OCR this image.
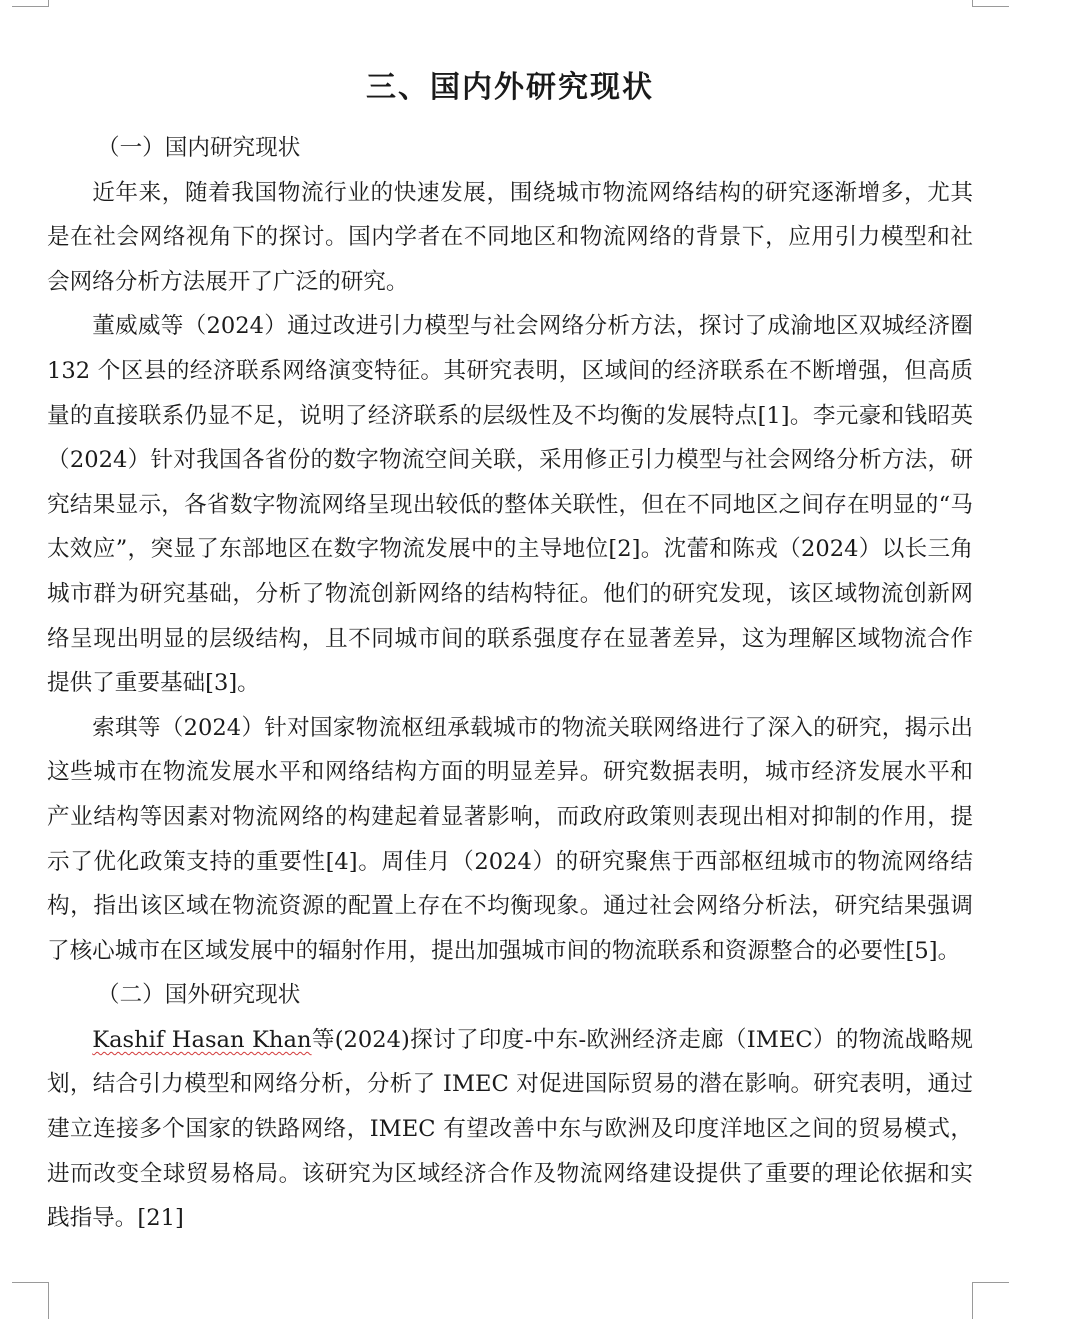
三、国内外研究现状
（一）国内研究现状

近年来，随着我国物流行业的快速发展，围绕城市物流网络结构的研究逐渐增多，尤其是在社会网络视角下的探讨。国内学者在不同地区和物流网络的背景下，应用引力模型和社会网络分析方法展开了广泛的研究。

董威威等（2024）通过改进引力模型与社会网络分析方法，探讨了成渝地区双城经济圈 132 个区县的经济联系网络演变特征。其研究表明，区域间的经济联系在不断增强，但高质量的直接联系仍显不足，说明了经济联系的层级性及不均衡的发展特点[1]。李元豪和钱昭英（2024）针对我国各省份的数字物流空间关联，采用修正引力模型与社会网络分析方法，研究结果显示，各省数字物流网络呈现出较低的整体关联性，但在不同地区之间存在明显的“马太效应”，突显了东部地区在数字物流发展中的主导地位[2]。沈蕾和陈戎（2024）以长三角城市群为研究基础，分析了物流创新网络的结构特征。他们的研究发现，该区域物流创新网络呈现出明显的层级结构，且不同城市间的联系强度存在显著差异，这为理解区域物流合作提供了重要基础[3]。

索琪等（2024）针对国家物流枢纽承载城市的物流关联网络进行了深入的研究，揭示出这些城市在物流发展水平和网络结构方面的明显差异。研究数据表明，城市经济发展水平和产业结构等因素对物流网络的构建起着显著影响，而政府政策则表现出相对抑制的作用，提示了优化政策支持的重要性[4]。周佳月（2024）的研究聚焦于西部枢纽城市的物流网络结构，指出该区域在物流资源的配置上存在不均衡现象。通过社会网络分析法，研究结果强调了核心城市在区域发展中的辐射作用，提出加强城市间的物流联系和资源整合的必要性[5]。

（二）国外研究现状

Kashif Hasan Khan等(2024)探讨了印度-中东-欧洲经济走廊（IMEC）的物流战略规划，结合引力模型和网络分析，分析了 IMEC 对促进国际贸易的潜在影响。研究表明，通过建立连接多个国家的铁路网络，IMEC 有望改善中东与欧洲及印度洋地区之间的贸易模式，进而改变全球贸易格局。该研究为区域经济合作及物流网络建设提供了重要的理论依据和实践指导。[21]
